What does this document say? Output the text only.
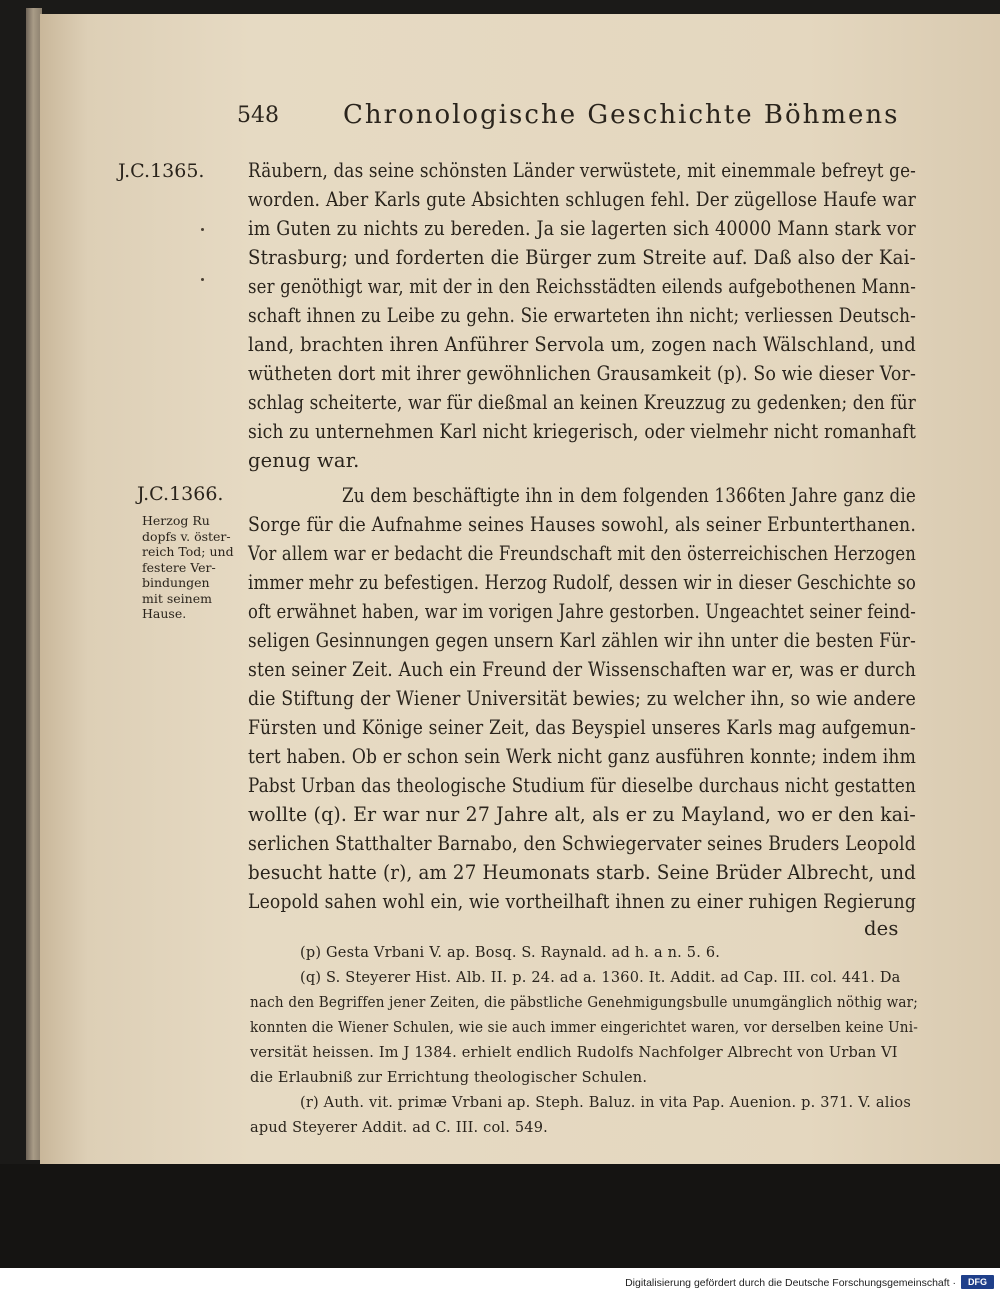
548 Chronologische Geschichte Böhmens
J.C.1365.
J.C.1366.
Herzog Ru
dopfs v. öster-
reich Tod; und
festere Ver-
bindungen
mit seinem
Hause.
Räubern, das seine schönsten Länder verwüstete, mit einemmale befreyt ge-
worden. Aber Karls gute Absichten schlugen fehl. Der zügellose Haufe war
im Guten zu nichts zu bereden. Ja sie lagerten sich 40000 Mann stark vor
Strasburg; und forderten die Bürger zum Streite auf. Daß also der Kai-
ser genöthigt war, mit der in den Reichsstädten eilends aufgebothenen Mann-
schaft ihnen zu Leibe zu gehn. Sie erwarteten ihn nicht; verliessen Deutsch-
land, brachten ihren Anführer Servola um, zogen nach Wälschland, und
wütheten dort mit ihrer gewöhnlichen Grausamkeit (p). So wie dieser Vor-
schlag scheiterte, war für dießmal an keinen Kreuzzug zu gedenken; den für
sich zu unternehmen Karl nicht kriegerisch, oder vielmehr nicht romanhaft
genug war.
Zu dem beschäftigte ihn in dem folgenden 1366ten Jahre ganz die
Sorge für die Aufnahme seines Hauses sowohl, als seiner Erbunterthanen.
Vor allem war er bedacht die Freundschaft mit den österreichischen Herzogen
immer mehr zu befestigen. Herzog Rudolf, dessen wir in dieser Geschichte so
oft erwähnet haben, war im vorigen Jahre gestorben. Ungeachtet seiner feind-
seligen Gesinnungen gegen unsern Karl zählen wir ihn unter die besten Für-
sten seiner Zeit. Auch ein Freund der Wissenschaften war er, was er durch
die Stiftung der Wiener Universität bewies; zu welcher ihn, so wie andere
Fürsten und Könige seiner Zeit, das Beyspiel unseres Karls mag aufgemun-
tert haben. Ob er schon sein Werk nicht ganz ausführen konnte; indem ihm
Pabst Urban das theologische Studium für dieselbe durchaus nicht gestatten
wollte (q). Er war nur 27 Jahre alt, als er zu Mayland, wo er den kai-
serlichen Statthalter Barnabo, den Schwiegervater seines Bruders Leopold
besucht hatte (r), am 27 Heumonats starb. Seine Brüder Albrecht, und
Leopold sahen wohl ein, wie vortheilhaft ihnen zu einer ruhigen Regierung
des
(p) Gesta Vrbani V. ap. Bosq. S. Raynald. ad h. a n. 5. 6.
(q) S. Steyerer Hist. Alb. II. p. 24. ad a. 1360. It. Addit. ad Cap. III. col. 441. Da
nach den Begriffen jener Zeiten, die päbstliche Genehmigungsbulle unumgänglich nöthig war;
konnten die Wiener Schulen, wie sie auch immer eingerichtet waren, vor derselben keine Uni-
versität heissen. Im J 1384. erhielt endlich Rudolfs Nachfolger Albrecht von Urban VI
die Erlaubniß zur Errichtung theologischer Schulen.
(r) Auth. vit. primæ Vrbani ap. Steph. Baluz. in vita Pap. Auenion. p. 371. V. alios
apud Steyerer Addit. ad C. III. col. 549.
Digitalisierung gefördert durch die Deutsche Forschungsgemeinschaft ·	DFG
